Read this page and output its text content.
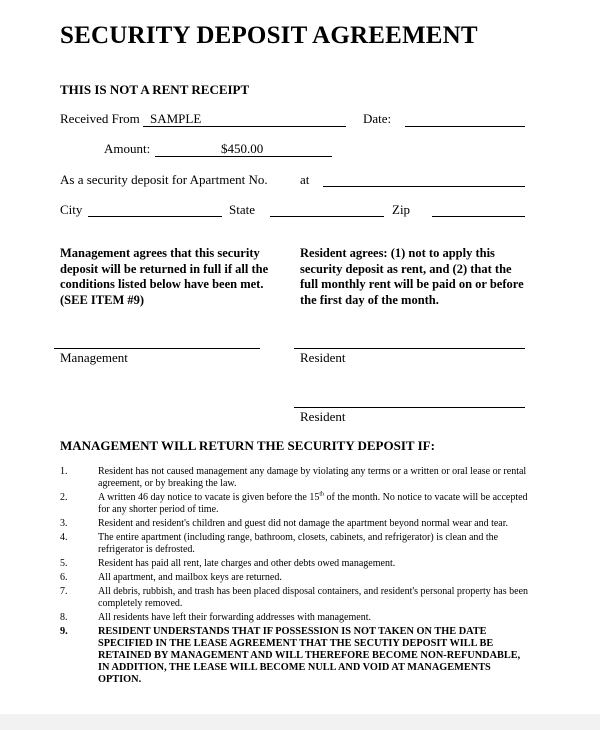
SECURITY DEPOSIT AGREEMENT
THIS IS NOT A RENT RECEIPT
Received From SAMPLE	Date:
Amount:	$450.00
As a security deposit for Apartment No. at
City	State	Zip
Management agrees that this security deposit will be returned in full if all the conditions listed below have been met. (SEE ITEM #9)
Resident agrees: (1) not to apply this security deposit as rent, and (2) that the full monthly rent will be paid on or before the first day of the month.
Management	Resident
Resident
MANAGEMENT WILL RETURN THE SECURITY DEPOSIT IF:
1.	Resident has not caused management any damage by violating any terms or a written or oral lease or rental agreement, or by breaking the law.
2.	A written 46 day notice to vacate is given before the 15th of the month. No notice to vacate will be accepted for any shorter period of time.
3.	Resident and resident's children and guest did not damage the apartment beyond normal wear and tear.
4.	The entire apartment (including range, bathroom, closets, cabinets, and refrigerator) is clean and the refrigerator is defrosted.
5.	Resident has paid all rent, late charges and other debts owed management.
6.	All apartment, and mailbox keys are returned.
7.	All debris, rubbish, and trash has been placed disposal containers, and resident's personal property has been completely removed.
8.	All residents have left their forwarding addresses with management.
9.	RESIDENT UNDERSTANDS THAT IF POSSESSION IS NOT TAKEN ON THE DATE SPECIFIED IN THE LEASE AGREEMENT THAT THE SECUTIY DEPOSIT WILL BE RETAINED BY MANAGEMENT AND WILL THEREFORE BECOME NON-REFUNDABLE, IN ADDITION, THE LEASE WILL BECOME NULL AND VOID AT MANAGEMENTS OPTION.
